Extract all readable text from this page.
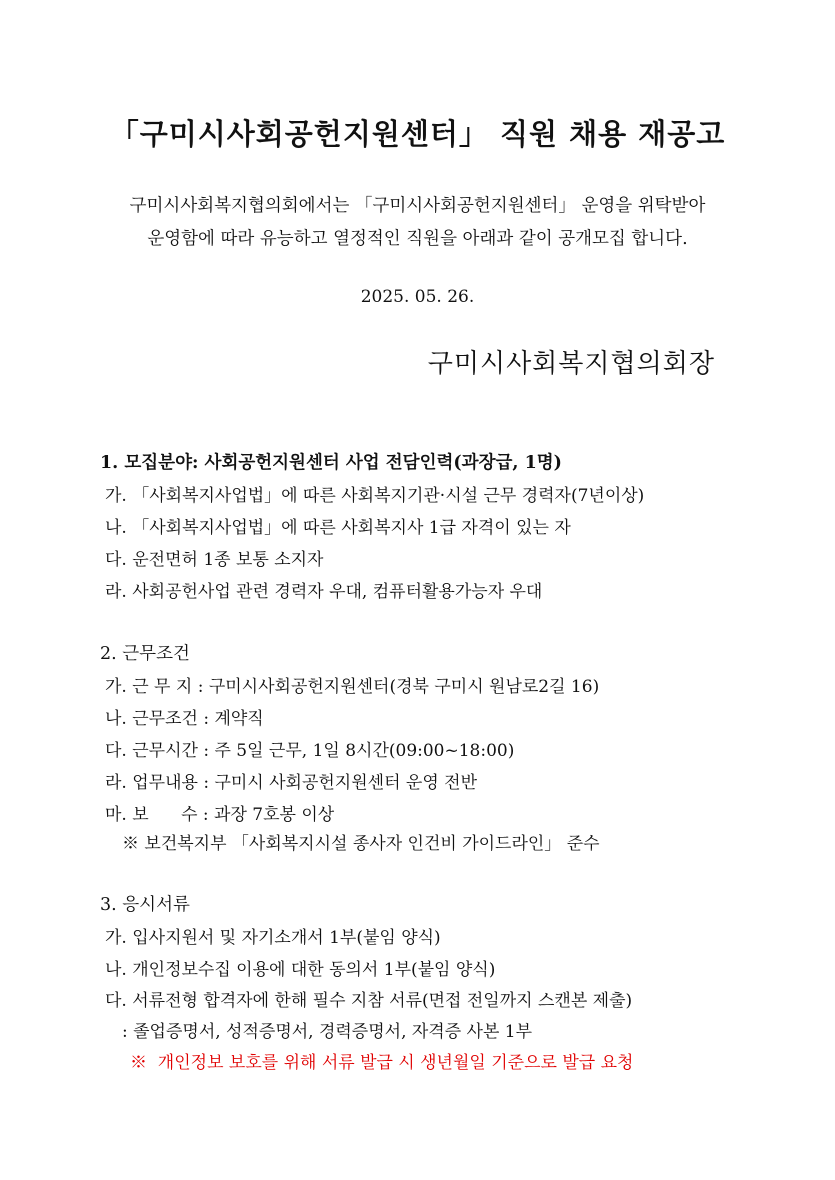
「구미시사회공헌지원센터」 직원 채용 재공고
구미시사회복지협의회에서는 「구미시사회공헌지원센터」 운영을 위탁받아
운영함에 따라 유능하고 열정적인 직원을 아래과 같이 공개모집 합니다.
2025. 05. 26.
구미시사회복지협의회장
1. 모집분야: 사회공헌지원센터 사업 전담인력(과장급, 1명)
가. 「사회복지사업법」에 따른 사회복지기관·시설 근무 경력자(7년이상)
나. 「사회복지사업법」에 따른 사회복지사 1급 자격이 있는 자
다. 운전면허 1종 보통 소지자
라. 사회공헌사업 관련 경력자 우대, 컴퓨터활용가능자 우대
2. 근무조건
가. 근 무 지 : 구미시사회공헌지원센터(경북 구미시 원남로2길 16)
나. 근무조건 : 계약직
다. 근무시간 : 주 5일 근무, 1일 8시간(09:00~18:00)
라. 업무내용 : 구미시 사회공헌지원센터 운영 전반
마. 보      수 : 과장 7호봉 이상
※ 보건복지부 「사회복지시설 종사자 인건비 가이드라인」 준수
3. 응시서류
가. 입사지원서 및 자기소개서 1부(붙임 양식)
나. 개인정보수집 이용에 대한 동의서 1부(붙임 양식)
다. 서류전형 합격자에 한해 필수 지참 서류(면접 전일까지 스캔본 제출)
: 졸업증명서, 성적증명서, 경력증명서, 자격증 사본 1부
※  개인정보 보호를 위해 서류 발급 시 생년월일 기준으로 발급 요청
